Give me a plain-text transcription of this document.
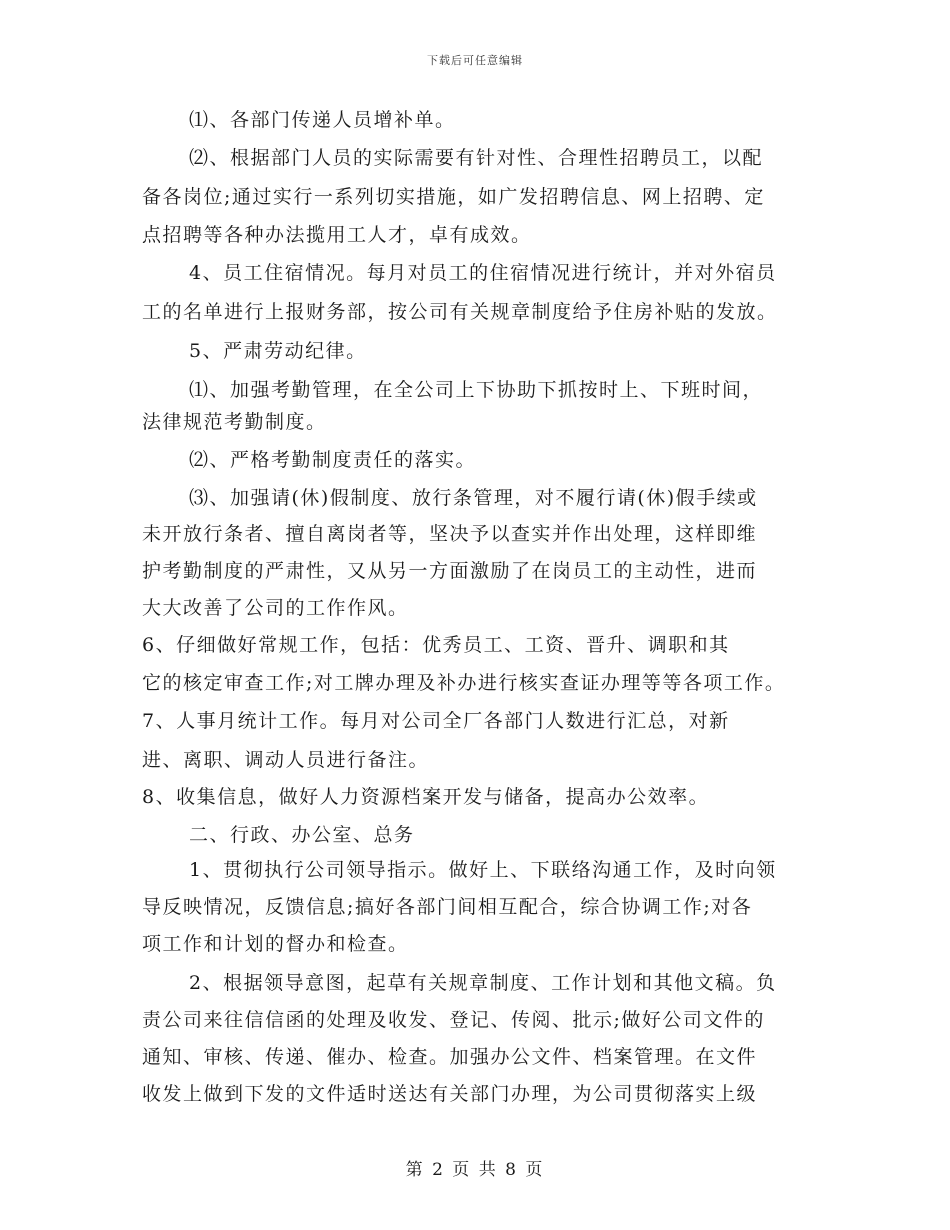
下载后可任意编辑
⑴、各部门传递人员增补单。
⑵、根据部门人员的实际需要有针对性、合理性招聘员工，以配
备各岗位;通过实行一系列切实措施，如广发招聘信息、网上招聘、定
点招聘等各种办法揽用工人才，卓有成效。
4、员工住宿情况。每月对员工的住宿情况进行统计，并对外宿员
工的名单进行上报财务部，按公司有关规章制度给予住房补贴的发放。
5、严肃劳动纪律。
⑴、加强考勤管理，在全公司上下协助下抓按时上、下班时间，
法律规范考勤制度。
⑵、严格考勤制度责任的落实。
⑶、加强请(休)假制度、放行条管理，对不履行请(休)假手续或
未开放行条者、擅自离岗者等，坚决予以查实并作出处理，这样即维
护考勤制度的严肃性，又从另一方面激励了在岗员工的主动性，进而
大大改善了公司的工作作风。
6、仔细做好常规工作，包括：优秀员工、工资、晋升、调职和其
它的核定审查工作;对工牌办理及补办进行核实查证办理等等各项工作。
7、人事月统计工作。每月对公司全厂各部门人数进行汇总，对新
进、离职、调动人员进行备注。
8、收集信息，做好人力资源档案开发与储备，提高办公效率。
二、行政、办公室、总务
1、贯彻执行公司领导指示。做好上、下联络沟通工作，及时向领
导反映情况，反馈信息;搞好各部门间相互配合，综合协调工作;对各
项工作和计划的督办和检查。
2、根据领导意图，起草有关规章制度、工作计划和其他文稿。负
责公司来往信信函的处理及收发、登记、传阅、批示;做好公司文件的
通知、审核、传递、催办、检查。加强办公文件、档案管理。在文件
收发上做到下发的文件适时送达有关部门办理，为公司贯彻落实上级
第 2 页 共 8 页
